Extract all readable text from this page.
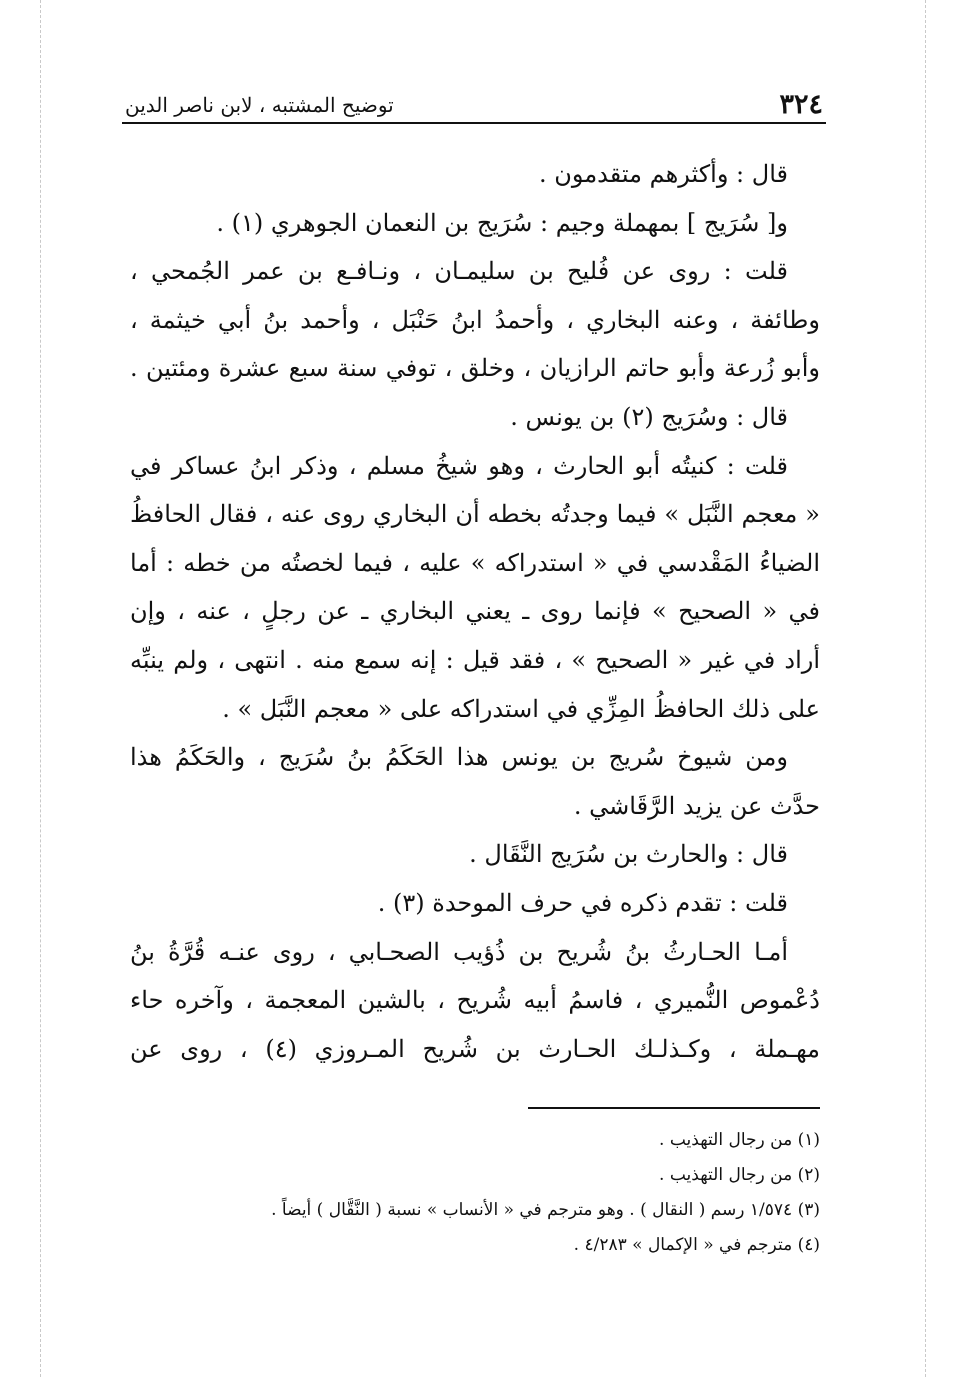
٣٢٤
توضيح المشتبه ، لابن ناصر الدين
قال : وأكثرهم متقدمون .
و[ سُرَيج ] بمهملة وجيم : سُرَيج بن النعمان الجوهري (١) .
قلت : روى عن فُليح بن سليمـان ، ونـافـع بن عمر الجُمحي ،
وطائفة ، وعنه البخاري ، وأحمدُ ابنُ حَنْبَل ، وأحمد بنُ أبي خيثمة ،
وأبو زُرعة وأبو حاتم الرازيان ، وخلق ، توفي سنة سبع عشرة ومئتين .
قال : وسُرَيج (٢) بن يونس .
قلت : كنيتُه أبو الحارث ، وهو شيخُ مسلم ، وذكر ابنُ عساكر في
« معجم النَّبَل » فيما وجدتُه بخطه أن البخاري روى عنه ، فقال الحافظُ
الضياءُ المَقْدسي في « استدراكه » عليه ، فيما لخصتُه من خطه : أما
في « الصحيح » فإنما روى ـ يعني البخاري ـ عن رجلٍ ، عنه ، وإن
أراد في غير « الصحيح » ، فقد قيل : إنه سمع منه . انتهى ، ولم ينبِّه
على ذلك الحافظُ المِزِّي في استدراكه على « معجم النَّبَل » .
ومن شيوخ سُريج بن يونس هذا الحَكَمُ بنُ سُرَيج ، والحَكَمُ هذا
حدَّث عن يزيد الرَّقَاشي .
قال : والحارث بن سُرَيج النَّقَال .
قلت : تقدم ذكره في حرف الموحدة (٣) .
أمـا الحـارثُ بنُ شُريح بن ذُؤيب الصحـابي ، روى عنـه قُرَّةُ بنُ
دُعْموص النُّميري ، فاسمُ أبيه شُريح ، بالشين المعجمة ، وآخره حاء
مهـملة ، وكـذلـك الحـارث بن شُريح المـروزي (٤) ، روى عن
(١) من رجال التهذيب .
(٢) من رجال التهذيب .
(٣) ١/٥٧٤ رسم ( النقال ) . وهو مترجم في « الأنساب » نسبة ( النَّقَّال ) أيضاً .
(٤) مترجم في « الإكمال » ٤/٢٨٣ .
